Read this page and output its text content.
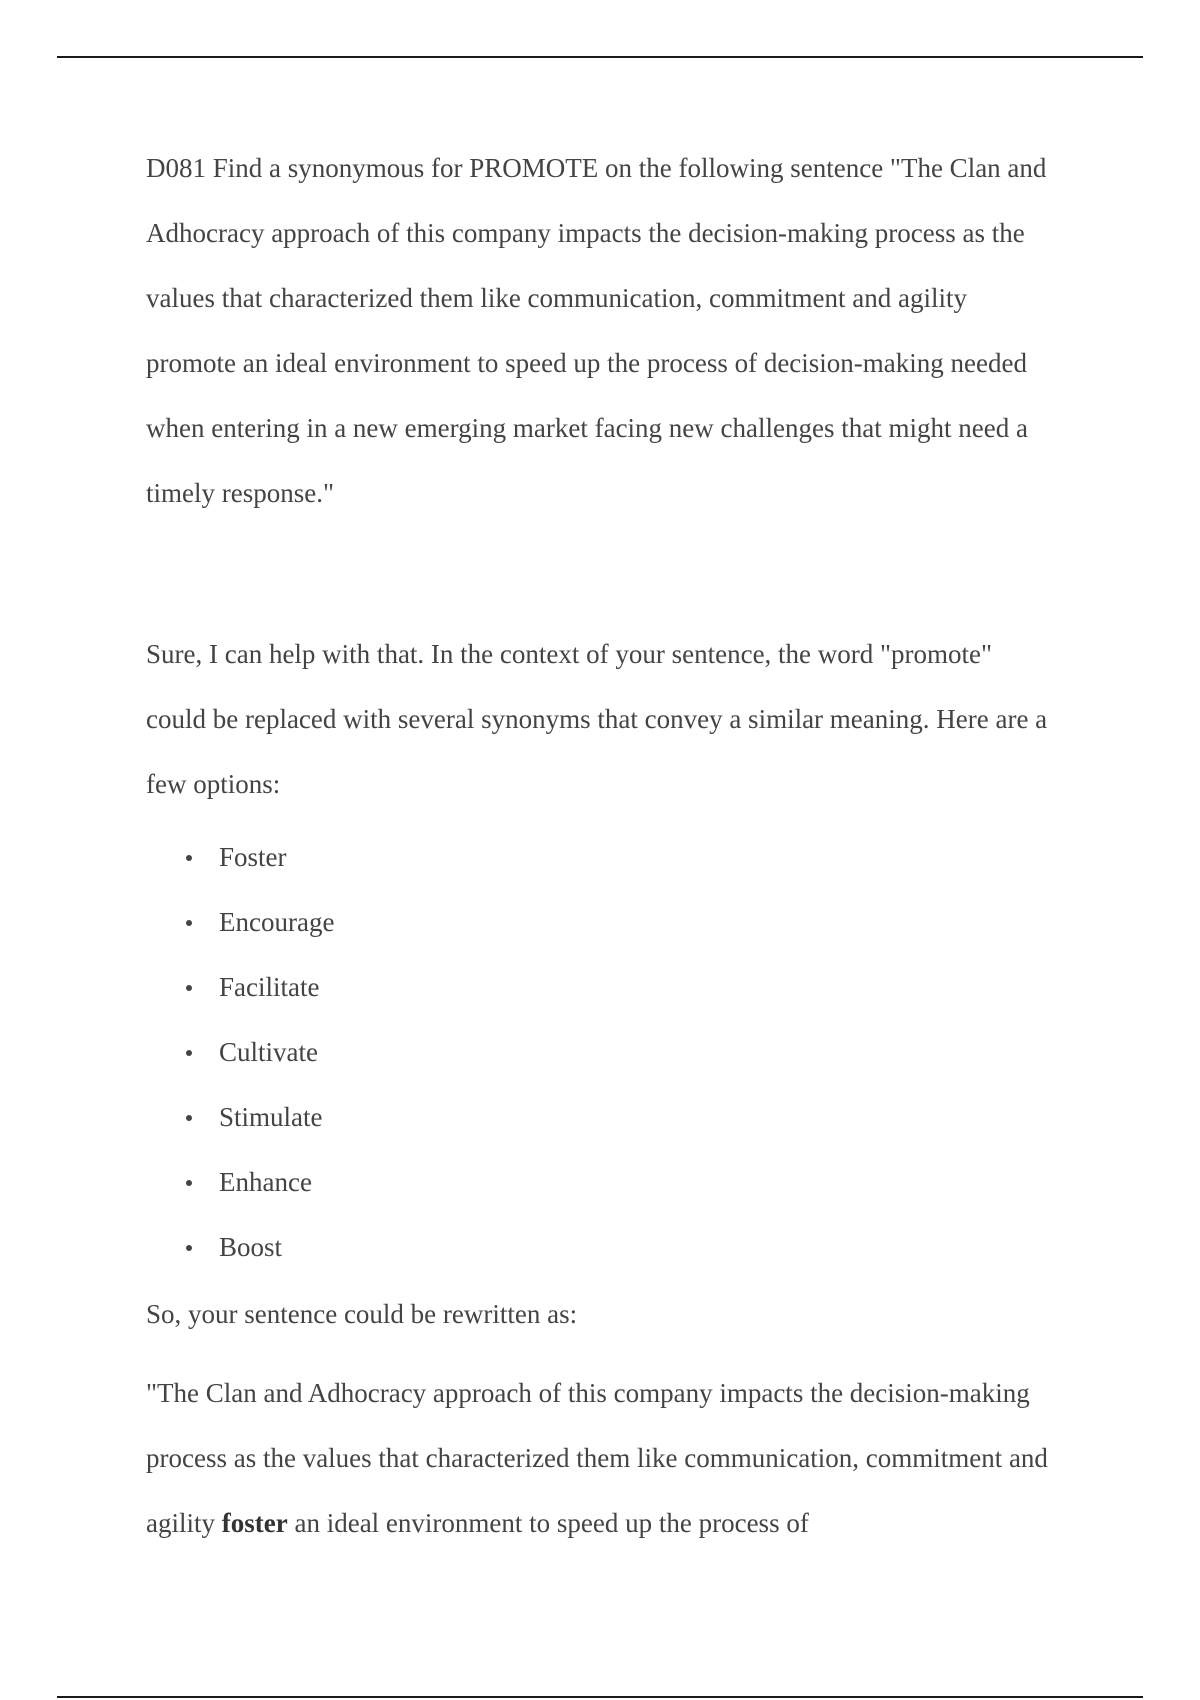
D081 Find a synonymous for PROMOTE on the following sentence "The Clan and Adhocracy approach of this company impacts the decision-making process as the values that characterized them like communication, commitment and agility promote an ideal environment to speed up the process of decision-making needed when entering in a new emerging market facing new challenges that might need a timely response."

Sure, I can help with that. In the context of your sentence, the word "promote" could be replaced with several synonyms that convey a similar meaning. Here are a few options:

Foster
Encourage
Facilitate
Cultivate
Stimulate
Enhance
Boost

So, your sentence could be rewritten as:

"The Clan and Adhocracy approach of this company impacts the decision-making process as the values that characterized them like communication, commitment and agility foster an ideal environment to speed up the process of
